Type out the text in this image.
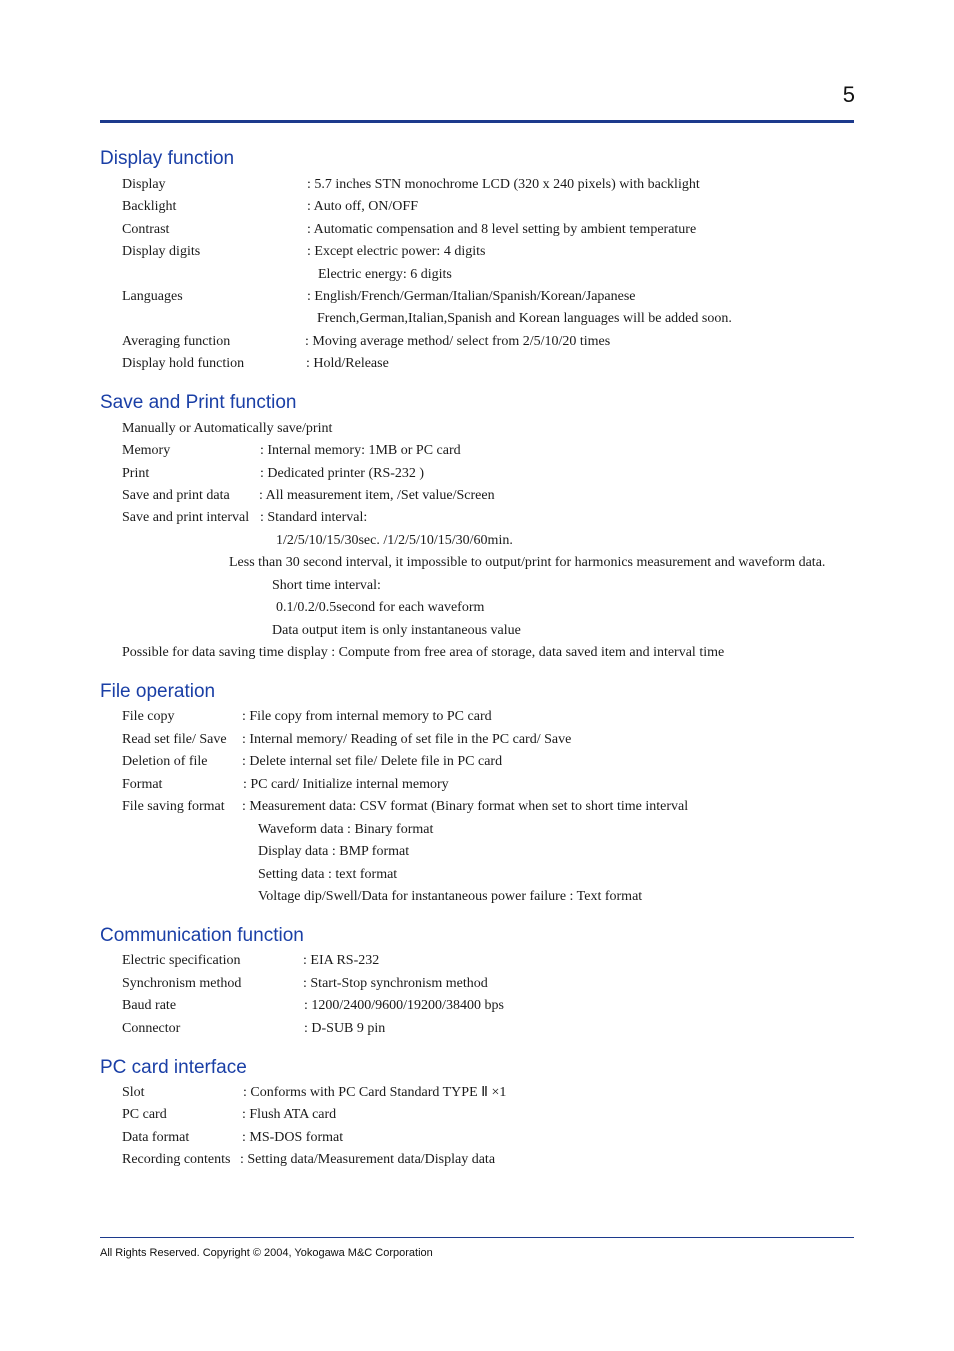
5
Display function
Display	: 5.7 inches STN monochrome LCD (320 x 240 pixels) with backlight
Backlight	: Auto off, ON/OFF
Contrast	: Automatic compensation and 8 level setting by ambient temperature
Display digits	: Except electric power: 4 digits
Electric energy: 6 digits
Languages	: English/French/German/Italian/Spanish/Korean/Japanese
French,German,Italian,Spanish and Korean languages will be added soon.
Averaging function	: Moving average method/ select from 2/5/10/20 times
Display hold function	: Hold/Release
Save and Print function
Manually or Automatically save/print
Memory	: Internal memory: 1MB or PC card
Print	: Dedicated printer (RS-232 )
Save and print data : All measurement item, /Set value/Screen
Save and print interval : Standard interval:
1/2/5/10/15/30sec. /1/2/5/10/15/30/60min.
Less than 30 second interval, it impossible to output/print for harmonics measurement and waveform data.
Short time interval:
0.1/0.2/0.5second for each waveform
Data output item is only instantaneous value
Possible for data saving time display : Compute from free area of storage, data saved item and interval time
File operation
File copy	: File copy from internal memory to PC card
Read set file/ Save : Internal memory/ Reading of set file in the PC card/ Save
Deletion of file : Delete internal set file/ Delete file in PC card
Format	: PC card/ Initialize internal memory
File saving format : Measurement data: CSV format (Binary format when set to short time interval
Waveform data : Binary format
Display data : BMP format
Setting data : text format
Voltage dip/Swell/Data for instantaneous power failure : Text format
Communication function
Electric specification	: EIA RS-232
Synchronism method	: Start-Stop synchronism method
Baud rate	: 1200/2400/9600/19200/38400 bps
Connector	: D-SUB 9 pin
PC card interface
Slot	: Conforms with PC Card Standard TYPE Ⅱ ×1
PC card	: Flush ATA card
Data format	: MS-DOS format
Recording contents : Setting data/Measurement data/Display data
All Rights Reserved. Copyright © 2004, Yokogawa M&C Corporation
